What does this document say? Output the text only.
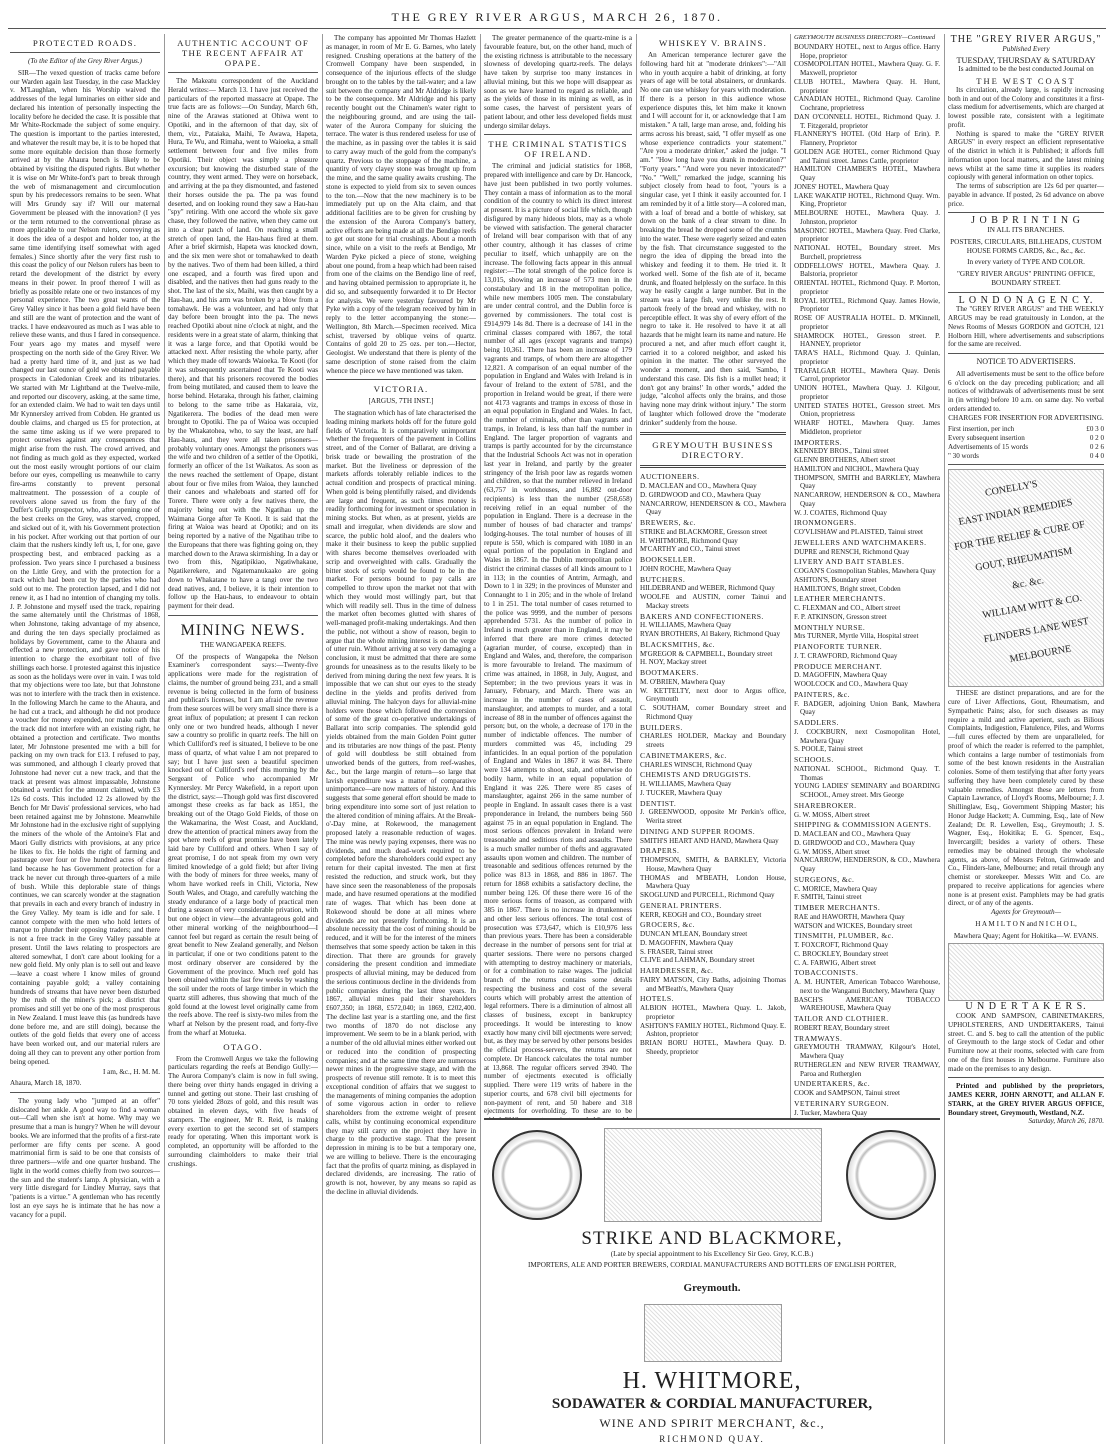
THE GREY RIVER ARGUS, MARCH 26, 1870.
PROTECTED ROADS.
(To the Editor of the Grey River Argus.)

SIR—The vexed question of tracks came before our Warden again last Tuesday, in the case Mackley v. M'Laughlan, when his Worship waived the addresses of the legal luminaries on either side and declared his intention of personally inspecting the locality before he decided the case. It is possible that Mr White-Rockmade the subject of some enquiry. The question is important to the parties interested, and whatever the result may be, it is to be hoped that some more equitable decision than those formerly arrived at by the Ahaura bench is likely to be obtained by visiting the disputed rights. But whether it is wise on Mr White-ford's part to break through the web of mismanagement and circumlocution spun by his predecessors remains to be seen. What will Mrs Grundy say if? Will our maternal Government be pleased with the innovation? (I yes or the term returned to the conventional phrase as more applicable to our Nelson rulers, conveying as it does the idea of a despot and holder too, at the same time identifying itself somewhat with aged females.) Since shortly after the very first rush to this coast the policy of our Nelson rulers has been to retard the development of the district by every means in their power. In proof thereof I will as briefly as possible relate one or two instances of my personal experience. The two great wants of the Grey Valley since it has been a gold field have been and still are the want of protection and the want of tracks. I have endeavoured as much as I was able to relieve these wants, and thus I fared in consequence. Four years ago my mates and myself were prospecting on the north side of the Grey River. We had a pretty hard time of it, and just as we had changed our last ounce of gold we obtained payable prospects in Caledonian Creek and its tributaries. We started with Mr Lightband at the Twelve-mile, and reported our discovery, asking, at the same time, for an extended claim. We had to wait ten days until Mr Kynnersley arrived from Cobden. He granted us double claims, and charged us £5 for protection, at the same time asking us if we were prepared to protect ourselves against any consequences that might arise from the rush. The crowd arrived, and not finding as much gold as they expected, worked out the most easily wrought portions of our claim before our eyes, compelling us meanwhile to carry fire-arms constantly to prevent personal maltreatment. The possession of a couple of revolvers alone saved us from the fury of the Duffer's Gully prospector, who, after opening one of the best creeks on the Grey, was starved, cropped, and sicked out of it, with his Government protection in his pocket. After working out that portion of our claim that the rushers kindly left us, I, for one, gave prospecting best, and embraced packing as a profession. Two years since I purchased a business on the Little Grey, and with the protection for a track which had been cut by the parties who had sold out to me. The protection lapsed, and I did not renew it, as I had no intention of changing my tolls. J. P. Johnstone and myself used the track, repairing the same alternately until the Christmas of 1868, when Johnstone, taking advantage of my absence, and during the ten days specially proclaimed as holidays by Government, came to the Ahaura and effected a new protection, and gave notice of his intention to charge the exorbitant toll of five shillings each horse. I protested against this injustice as soon as the holidays were over in vain. I was told that my objections were too late, but that Johnstone was not to interfere with the track then in existence. In the following March he came to the Ahaura, and he had cut a track, and although he did not produce a voucher for money expended, nor make oath that the track did not interfere with an existing right, he obtained a protection and certificate. Two months later, Mr Johnstone presented me with a bill for packing on my own track for £13. I refused to pay, was summoned, and although I clearly proved that Johnstone had never cut a new track, and that the track at present was almost impassable, Johnstone obtained a verdict for the amount claimed, with £3 12s 6d costs. This included 12 2s allowed by the Bench for Mr Davis' professional services, who had been retained against me by Johnstone. Meanwhile Mr Johnstone had in the exclusive right of supplying the miners of the whole of the Antoine's Flat and Maori Gully districts with provisions, at any price he likes to fix. He holds the right of farming and pasturage over four or five hundred acres of clear land because he has Government protection for a track he never cut through three-quarters of a mile of bush. While this deplorable state of things continues, we can scarcely wonder at the stagnation that prevails in each and every branch of industry in the Grey Valley. My team is idle and for sale. I cannot compete with the men who hold letters of marque to plunder their opposing traders; and there is not a free track in the Grey Valley passable at present. Until the laws relating to prospectors are altered somewhat, I don't care about looking for a new gold field. My only plan is to sell out and leave—leave a coast where I know miles of ground containing payable gold; a valley containing hundreds of streams that have never been disturbed by the rush of the miner's pick; a district that promises and still yet be one of the most prosperous in New Zealand. I must leave this (as hundreds have done before me, and are still doing), because the outlets of the gold fields that every one of access have been worked out, and our material rulers are doing all they can to prevent any other portion from being opened.

I am, &c., H. M. M.
Ahaura, March 18, 1870.

The young lady who "jumped at an offer" dislocated her ankle. A good way to find a woman out—Call when she isn't at home. Why may we presume that a man is hungry? When he will devour books. We are informed that the profits of a first-rate performer are fifty cents per scene. A good matrimonial firm is said to be one that consists of three partners—wife and one quarter husband. The light in the world comes chiefly from two sources—the sun and the student's lamp. A physician, with a very little disregard for Lindley Murray, says that "patients is a virtue." A gentleman who has recently lost an eye says he is intimate that he has now a vacancy for a pupil.

AUTHENTIC ACCOUNT OF THE RECENT AFFAIR AT OPAPE.

The Makeatu correspondent of the Auckland Herald writes:— March 13. I have just received the particulars of the reported massacre at Opape. The true facts are as follows:—On Sunday, March 6th, nine of the Arawas stationed at Ohiwa went to Opotiki, and in the afternoon of that day, six of them, viz., Pataiaka, Maihi, Te Awawa, Hapeta, Hura, Te Wu, and Rimaha, went to Waioeka, a small settlement between four and five miles from Opotiki. Their object was simply a pleasure excursion; but knowing the disturbed state of the country, they went armed. They were on horseback, and arriving at the pa they dismounted, and fastened their horses outside the pa. The pa was found deserted, and on looking round they saw a Hau-hau "spy" retiring. With one accord the whole six gave chase, they followed the native, when they came out into a clear patch of land. On reaching a small stretch of open land, the Hau-haus fired at them. After a brief skirmish, Hapeta was knocked down, and the six men were shot or tomahawked to death by the natives. Two of them had been killed, a third one escaped, and a fourth was fired upon and disabled, and the natives then had guns ready to the shot. The last of the six, Maihi, was then caught by a Hau-hau, and his arm was broken by a blow from a tomahawk. He was a volunteer, and had only that day before been brought into the pa. The news reached Opotiki about nine o'clock at night, and the residents were in a great state of alarm, thinking that it was a large force, and that Opotiki would be attacked next. After resisting the whole party, after which they made off towards Waioeka. Te Kooti (for it was subsequently ascertained that Te Kooti was there), and that his prisoners recovered the bodies from being mutilated, and caused them to leave the horse behind. Hetaraka, through his father, claiming to belong to the same tribe as Hakaraia, viz, Ngatikerera. The bodies of the dead men were brought to Opotiki. The pa of Waioa was occupied by the Whakatohea, who, to say the least, are half Hau-haus, and they were all taken prisoners—probably voluntary ones. Amongst the prisoners was the wife and two children of a settler of the Opotiki, formerly an officer of the 1st Waikatos. As soon as the news reached the settlement of Opape, distant about four or five miles from Waioa, they launched their canoes and whaleboats and started off for Torere. There were only a few natives there, the majority being out with the Ngatihau up the Waimana Gorge after Te Kooti. It is said that the firing at Waioa was heard at Opotiki; and on its being reported by a native of the Ngatihau tribe to the Europeans that there was fighting going on, they marched down to the Arawa skirmishing. In a day or two from this, Ngatipikiao, Ngatiwhakaue, Ngatikerekere, and Ngatemanukaako are going down to Whakatane to have a tangi over the two dead natives, and, I believe, it is their intention to follow up the Hau-haus, to endeavour to obtain payment for their dead.

MINING NEWS.
THE WANGAPEKA REEFS.

Of the prospects of Wangapeka the Nelson Examiner's correspondent says:—Twenty-five applications were made for the registration of claims, the number of ground being 231, and a small revenue is being collected in the form of business and publican's licenses, but I am afraid the revenue from these sources will be very small since there is a great influx of population; at present I can reckon only one or two hundred heads, although I never saw a country so prolific in quartz reefs. The hill on which Culliford's reef is situated, I believe to be one mass of quartz, of what value I am not prepared to say; but I have just seen a beautiful specimen knocked out of Culliford's reef this morning by the Sergeant of Police who accompanied Mr Kynnersley. Mr Percy Wakefield, in a report upon the district, says:—Though gold was first discovered amongst these creeks as far back as 1851, the breaking out of the Otago Gold Fields, of those on the Wakamarina, the West Coast, and Auckland, drew the attention of practical miners away from the spot where reefs of great promise have been lately laid bare by Culliford and others. When I say of great promise, I do not speak from my own very limited knowledge of a gold field; but after living with the body of miners for three weeks, many of whom have worked reefs in Chili, Victoria, New South Wales, and Otago, and carefully watching the steady endurance of a large body of practical men during a season of very considerable privation, with but one object in view—the advantageous gold and other mineral working of the neighbourhood—I cannot feel but regard as certain the result being of great benefit to New Zealand generally, and Nelson in particular, if one or two conditions patent to the most ordinary observer are considered by the Government of the province. Much reef gold has been obtained within the last few weeks by washing the soil under the roots of large timber in which the quartz still adheres, thus showing that much of the gold found at the lowest level originally came from the reefs above. The reef is sixty-two miles from the wharf at Nelson by the present road, and forty-five from the wharf at Motueka.

OTAGO.

From the Cromwell Argus we take the following particulars regarding the reefs at Bendigo Gully:—The Aurora Company's claim is now in full swing, there being over thirty hands engaged in driving a tunnel and getting out stone. Their last crushing of 70 tons yielded 28ozs of gold, and this result was obtained in eleven days, with five heads of stampers. The engineer, Mr R. Reid, is making every exertion to get the second set of stampers ready for operating. When this important work is completed, an opportunity will be afforded to the surrounding claimholders to make their trial crushings.

The company has appointed Mr Thomas Hazlett as manager, in room of Mr E. G. Barnes, who lately resigned. Crushing operations at the battery of the Cromwell Company have been suspended, in consequence of the injurious effects of the sludge brought on to the tables by the tail-water; and a law suit between the company and Mr Aldridge is likely to be the consequence. Mr Aldridge and his party recently bought out the Chinamen's water right to the neighbouring ground, and are using the tail-water of the Aurora Company for sluicing the terrace. The water is thus rendered useless for use of the machine, as in passing over the tables it is said to carry away much of the gold from the company's quartz. Previous to the stoppage of the machine, a quantity of very clayey stone was brought up from the mine, and the same quality awaits crushing. The stone is expected to yield from six to seven ounces to the ton.—Now that the new machinery is to be immediately put up on the Alta claim, and that additional facilities are to be given for crushing by the extension of the Aurora Company's battery, active efforts are being made at all the Bendigo reefs to get out stone for trial crushings. About a month since, while on a visit to the reefs at Bendigo, Mr Warden Pyke picked a piece of stone, weighing about one pound, from a heap which had been raised from one of the claims on the Bendigo line of reef, and having obtained permission to appropriate it, he did so, and subsequently forwarded it to Dr Hector for analysis. We were yesterday favoured by Mr Pyke with a copy of the telegram received by him in reply to the letter accompanying the stone:—Wellington, 8th March.—Specimen received. Mica schist, traversed by oblique veins of quartz. Contains of gold 20 to 25 ozs. per ton.—Hector, Geologist. We understand that there is plenty of the same description of stone raised from the claim whence the piece we have mentioned was taken.

VICTORIA.
[ARGUS, 7TH INST.]

The stagnation which has of late characterised the leading mining markets holds off for the future gold fields of Victoria. It is comparatively unimportant whether the frequenters of the pavement in Collins street, and of the Corner of Ballarat, are driving a brisk trade or bewailing the prostration of the market. But the liveliness or depression of the markets affords tolerably reliable indices to the actual condition and prospects of practical mining. When gold is being plentifully raised, and dividends are large and frequent, as such times money is readily forthcoming for investment or speculation in mining stocks. But when, as at present, yields are small and irregular, when dividends are slow and scarce, the public hold aloof, and the dealers who make it their business to keep the public supplied with shares become themselves overloaded with scrip and overweighted with calls. Gradually the bitter stock of scrip would be found to be in the market. For persons bound to pay calls are compelled to throw upon the market not that with which they would most willingly part, but that which will readily sell. Thus in the time of dulness the market often becomes glutted with shares of well-managed profit-making undertakings. And then the public, not without a show of reason, begin to argue that the whole mining interest is on the verge of utter ruin. Without arriving at so very damaging a conclusion, it must be admitted that there are some grounds for uneasiness as to the results likely to be derived from mining during the next few years. It is impossible that we can shut our eyes to the steady decline in the yields and profits derived from alluvial mining. The halcyon days for alluvial-mine holders were those which followed the conversion of some of the great co-operative undertakings of Ballarat into scrip companies. The splendid gold yields obtained from the main Golden Point gutter and its tributaries are now things of the past. Plenty of gold will doubtless be still obtained from unworked bends of the gutters, from reef-washes, &c., but the large margin of return—so large that lavish expenditure was a matter of comparative unimportance—are now matters of history. And this suggests that some general effort should be made to bring expenditure into some sort of just relation to the altered condition of mining affairs. At the Break-o'-Day mine, at Rokewood, the management proposed lately a reasonable reduction of wages. The mine was newly paying expenses, there was no dividends, and much dead-work required to be completed before the shareholders could expect any return for their capital invested. The men at first resisted the reduction, and struck work, but they have since seen the reasonableness of the proposals made, and have resumed operations at the modified rate of wages. That which has been done at Rokewood should be done at all mines where dividends are not presently forthcoming. It is an absolute necessity that the cost of mining should be reduced, and it will be for the interest of the miners themselves that some speedy action be taken in this direction. That there are grounds for gravely considering the present condition and immediate prospects of alluvial mining, may be deduced from the serious continuous decline in the dividends from public companies during the last three years. In 1867, alluvial mines paid their shareholders £607,350; in 1868, £572,040; in 1869, £202,400. The decline last year is a startling one, and the first two months of 1870 do not disclose any improvement. We seem to be in a blank period, with a number of the old alluvial mines either worked out or reduced into the condition of prospecting companies; and at the same time there are numerous newer mines in the progressive stage, and with the prospects of revenue still remote. It is to meet this exceptional condition of affairs that we suggest to the managements of mining companies the adoption of some vigorous action in order to relieve shareholders from the extreme weight of present calls, whilst by continuing economical expenditure they may still carry on the project they have in charge to the productive stage. That the present depression in mining is to be but a temporary one, we are willing to believe. There is the encouraging fact that the profits of quartz mining, as displayed in declared dividends, are increasing. The ratio of growth is not, however, by any means so rapid as the decline in alluvial dividends.

The greater permanence of the quartz-mine is a favourable feature, but, on the other hand, much of the existing richness is attributable to the necessary slowness of developing quartz-reefs. The delays have taken by surprise too many instances in alluvial mining, but this we hope will disappear as soon as we have learned to regard as reliable, and as the yields of those in its mining as well, as in some cases, the harvest of persistent years of patient labour, and other less developed fields must undergo similar delays.

THE CRIMINAL STATISTICS OF IRELAND.

The criminal and judicial statistics for 1868, prepared with intelligence and care by Dr. Hancock, have just been published in two portly volumes. They contain a mass of information as to the moral condition of the country to which its direct interest at present. It is a picture of social life which, though disfigured by many hideous blots, may as a whole be viewed with satisfaction. The general character of Ireland will bear comparison with that of any other country, although it has classes of crime peculiar to itself, which unhappily are on the increase. The following facts appear in this annual register:—The total strength of the police force is 13,015, showing an increase of 573 men in the constabulary and 18 in the metropolitan police, while new members 1005 men. The constabulary are under central control, and the Dublin force is governed by commissioners. The total cost is £914,979 14s 8d. There is a decrease of 141 in the criminal classes compared with 1867, the total number of all ages (except vagrants and tramps) being 10,361. There has been an increase of 179 vagrants and tramps, of whom there are altogether 12,821. A comparison of an equal number of the population in England and Wales with Ireland is in favour of Ireland to the extent of 5781, and the proportion in Ireland would be great, if there were not 4173 vagrants and tramps in excess of those in an equal population in England and Wales. In fact, the number of criminals, other than vagrants and tramps, in Ireland, is less than half the number in England. The larger proportion of vagrants and tramps is partly accounted for by the circumstance that the Industrial Schools Act was not in operation last year in Ireland, and partly by the greater stringency of the Irish poor law as regards women and children, so that the number relieved in Ireland (63,757 in workhouses, and 16,882 out-door recipients) is less than the number (258,658) receiving relief in an equal number of the population in England. There is a decrease in the number of houses of bad character and tramps' lodging-houses. The total number of houses of ill repute is 550, which is compared with 1080 in an equal portion of the population in England and Wales in 1867. In the Dublin metropolitan police district the criminal classes of all kinds amount to 1 in 113; in the counties of Antrim, Armagh, and Down to 1 in 329; in the provinces of Munster and Connaught to 1 in 205; and in the whole of Ireland to 1 in 251. The total number of cases returned to the police was 9999, and the number of persons apprehended 5731. As the number of police in Ireland is much greater than in England, it may be inferred that there are more crimes detected (agrarian murder, of course, excepted) than in England and Wales, and, therefore, the comparison is more favourable to Ireland. The maximum of crime was attained, in 1868, in July, August, and September; in the two previous years it was in January, February, and March. There was an increase in the number of cases of assault, manslaughter, and attempts to murder, and a total increase of 88 in the number of offences against the person; but, on the whole, a decrease of 170 in the number of indictable offences. The number of murders committed was 45, including 29 infanticides. In an equal portion of the population of England and Wales in 1867 it was 84. There were 134 attempts to shoot, stab, and otherwise do bodily harm, while in an equal population of England it was 226. There were 85 cases of manslaughter, against 266 in the same number of people in England. In assault cases there is a vast preponderance in Ireland, the numbers being 560 against 75 in an equal population in England. The most serious offences prevalent in Ireland were treasonable and seditious riots and assaults. There is a much smaller number of thefts and aggravated assaults upon women and children. The number of treasonable and seditious offences returned by the police was 813 in 1868, and 886 in 1867. The return for 1868 exhibits a satisfactory decline, the number being 126. Of these there were 16 of the more serious forms of treason, as compared with 385 in 1867. There is no increase in drunkenness and other less serious offences. The total cost of prosecution was £73,647, which is £10,976 less than previous years. There has been a considerable decrease in the number of persons sent for trial at quarter sessions. There were no persons charged with attempting to destroy machinery or materials, or for a combination to raise wages. The judicial branch of the returns contains some details respecting the business and cost of the several courts which will probably arrest the attention of legal reformers. There is a diminution of almost all classes of business, except in bankruptcy proceedings. It would be interesting to know exactly how many civil bill ejectments were served; but, as they may be served by other persons besides the official process-servers, the returns are not complete. Dr Hancock calculates the total number at 13,868. The regular officers served 3940. The number of ejectments executed is officially supplied. There were 119 writs of habere in the superior courts, and 678 civil bill ejectments for non-payment of rent, and 50 habere and 318 ejectments for overholding. To these are to be

WHISKEY V. BRAINS.

An American temperance lecturer gave the following hard hit at "moderate drinkers":—"All who in youth acquire a habit of drinking, at forty years of age will be total abstainers, or drunkards. No one can use whiskey for years with moderation. If there is a person in this audience whose experience disputes this, let him make it known and I will account for it, or acknowledge that I am mistaken." A tall, large man arose, and, folding his arms across his breast, said, "I offer myself as one whose experience contradicts your statement." "Are you a moderate drinker," asked the judge. "I am." "How long have you drank in moderation?" "Forty years." "And were you never intoxicated?" "No." "Well," remarked the judge, scanning his subject closely from head to foot, "yours is a singular case, yet I think it easily accounted for. I am reminded by it of a little story—A colored man, with a loaf of bread and a bottle of whiskey, sat down on the bank of a clear stream to dine. In breaking the bread he dropped some of the crumbs into the water. These were eagerly seized and eaten by the fish. That circumstance suggested to the negro the idea of dipping the bread into the whiskey and feeding it to them. He tried it. It worked well. Some of the fish ate of it, became drunk, and floated helplessly on the surface. In this way he easily caught a large number. But in the stream was a large fish, very unlike the rest. It partook freely of the bread and whiskey, with no perceptible effect. It was shy of every effort of the negro to take it. He resolved to have it at all hazards that he might learn its name and nature. He procured a net, and after much effort caught it, carried it to a colored neighbor, and asked his opinion in the matter. The other surveyed the wonder a moment, and then said, 'Sambo, I understand this case. Dis fish is a mullet head; it don't got any brains!' In other words," added the judge, "alcohol affects only the brains, and those having none may drink without injury." The storm of laughter which followed drove the "moderate drinker" suddenly from the house.

GREYMOUTH BUSINESS DIRECTORY.
AUCTIONEERS.

D. MACLEAN and CO., Mawhera Quay

D. GIRDWOOD and CO., Mawhera Quay

NANCARROW, HENDERSON & CO., Mawhera Quay

BREWERS, &c.

STRIKE and BLACKMORE, Gresson street

H. WHITMORE, Richmond Quay

M'CARTHY and CO., Tainui street

BOOKSELLER.

JOHN ROCHE, Mawhera Quay

BUTCHERS.

HILDEBRAND and WEBER, Richmond Quay

WOOLFE and AUSTIN, corner Tainui and Mackay streets

BAKERS AND CONFECTIONERS.

H. WILLIAMS, Mawhera Quay

RYAN BROTHERS, Al Bakery, Richmond Quay

BLACKSMITHS, &c.

M'GREGOR & CAPMBELL, Boundary street

H. NOY, Mackay street

BOOTMAKERS.

M. O'BRIEN, Mawhera Quay

W. KETTELTY, next door to Argus office, Greymouth

C. SOUTHAM, corner Boundary street and Richmond Quay

BUILDERS.

CHARLES HOLDER, Mackay and Boundary streets

CABINETMAKERS, &c.

CHARLES WINSCH, Richmond Quay

CHEMISTS AND DRUGGISTS.

H. WILLIAMS, Mawhera Quay

J. TUCKER, Mawhera Quay

DENTIST.

J. GREENWOOD, opposite Mr Perkin's office, Werita street

DINING AND SUPPER ROOMS.

SMITH'S HEART AND HAND, Mawhera Quay

DRAPERS.

THOMPSON, SMITH, & BARKLEY, Victoria House, Mawhera Quay

THOMAS and M'BEATH, London House, Mawhera Quay

SKOGLUND and PURCELL, Richmond Quay

GENERAL PRINTERS.

KERR, KEOGH and CO., Boundary street

GROCERS, &c.

DUNCAN M'LEAN, Boundary street

D. MAGOFFIN, Mawhera Quay

S. FRASER, Tainui street

CLIVE and LAHMAN, Boundary street

HAIRDRESSER, &c.

FAIRY MATSON, City Baths, adjoining Thomas and M'Beath's, Mawhera Quay

HOTELS.

ALBION HOTEL, Mawhera Quay. L. Jakob, proprietor

ASHTON'S FAMILY HOTEL, Richmond Quay. E. Ashton, proprietor

BRIAN BORU HOTEL, Mawhera Quay. D. Sheedy, proprietor

GREYMOUTH BUSINESS DIRECTORY—Continued

BOUNDARY HOTEL, next to Argus office. Harry Hope, proprietor

COSMOPOLITAN HOTEL, Mawhera Quay. G. F. Maxwell, proprietor

CLUB HOTEL, Mawhera Quay. H. Hunt, proprietor

CANADIAN HOTEL, Richmond Quay. Caroline Cochrane, proprietress

DAN O'CONNELL HOTEL, Richmond Quay. J. T. Fitzgerald, proprietor

FLANNERY'S HOTEL (Old Harp of Erin). P. Flannery, Proprietor

GOLDEN AGE HOTEL, corner Richmond Quay and Tainui street. James Cattle, proprietor

HAMILTON CHAMBER'S HOTEL, Mawhera Quay

JONES' HOTEL, Mawhera Quay

LAKE WAKATIP HOTEL, Richmond Quay. Wm. King, Proprietor

MELBOURNE HOTEL, Mawhera Quay. J. Johnston, proprietor

MASONIC HOTEL, Mawhera Quay. Fred Clarke, proprietor

NATIONAL HOTEL, Boundary street. Mrs Burchell, proprietress

ODDFELLOWS' HOTEL, Mawhera Quay. J. Balstoria, proprietor

ORIENTAL HOTEL, Richmond Quay. P. Morton, proprietor

ROYAL HOTEL, Richmond Quay. James Howie, Proprietor

ROSE OF AUSTRALIA HOTEL. D. M'Kinnell, proprietor

SHAMROCK HOTEL, Gresson street. P. HANNEY, proprietor

TARA'S HALL, Richmond Quay. J. Quinlan, proprietor

TRAFALGAR HOTEL, Mawhera Quay. Denis Carrol, proprietor

UNION HOTEL, Mawhera Quay. J. Kilgour, proprietor

UNITED STATES HOTEL, Gresson street. Mrs Onion, proprietress

WHARF HOTEL, Mawhera Quay. James Middleton, proprietor

IMPORTERS.

KENNEDY BROS., Tainui street

GLENN BROTHERS, Albert street

HAMILTON and NICHOL, Mawhera Quay

THOMPSON, SMITH and BARKLEY, Mawhera Quay

NANCARROW, HENDERSON & CO., Mawhera Quay

W. J. COATES, Richmond Quay

IRONMONGERS.

CO'VLISHAW and PLAISTED, Tainui street

JEWELLERS AND WATCHMAKERS.

DUPRE and RENSCH, Richmond Quay

LIVERY AND BAIT STABLES.

COGAN'S Cosmopolitan Stables, Mawhera Quay

ASHTON'S, Boundary street

HAMILTON'S, Bright street, Cobden

LEATHER MERCHANTS.

C. FLEXMAN and CO., Albert street

F. P. ATKINSON, Gresson street

MONTHLY NURSE.

Mrs TURNER, Myrtle Villa, Hospital street

PIANOFORTE TURNER.

J. T. CRAWFORD, Richmond Quay

PRODUCE MERCHANT.

D. MAGOFFIN, Mawhera Quay

WOOLCOCK and CO., Mawhera Quay

PAINTERS, &c.

F. BADGER, adjoining Union Bank, Mawhera Quay

SADDLERS.

J. COCKBURN, next Cosmopolitan Hotel, Mawhera Quay

S. POOLE, Tainui street

SCHOOLS.

NATIONAL SCHOOL, Richmond Quay. T. Thomas

YOUNG LADIES' SEMINARY and BOARDING SCHOOL, Arney street. Mrs George

SHAREBROKER.

G. W. MOSS, Albert street

SHIPPING & COMMISSION AGENTS.

D. MACLEAN and CO., Mawhera Quay

D. GIRDWOOD and CO., Mawhera Quay

G. W. MOSS, Albert street

NANCARROW, HENDERSON, & CO., Mawhera Quay

SURGEONS, &c.

C. MORICE, Mawhera Quay

F. SMITH, Tainui street

TIMBER MERCHANTS.

RAE and HAWORTH, Mawhera Quay

WATSON and WICKES, Boundary street

TINSMITH, PLUMBER, &c.

T. FOXCROFT, Richmond Quay

C. BROCKLEY, Boundary street

C. A. FARWIG, Albert street

TOBACCONISTS.

A. M. HUNTER, American Tobacco Warehouse, next to the Wanganui Butchery, Mawhera Quay

BASCH'S AMERICAN TOBACCO WAREHOUSE, Mawhera Quay

TAILOR AND CLOTHIER.

ROBERT REAY, Boundary street

TRAMWAYS.

GREYMOUTH TRAMWAY, Kilgour's Hotel, Mawhera Quay

RUTHERGLEN and NEW RIVER TRAMWAY, Paroa and Rutherglen

UNDERTAKERS, &c.

COOK and SAMPSON, Tainui street

VETERINARY SURGEON.

J. Tucker, Mawhera Quay

STRIKE AND BLACKMORE,
(Late by special appointment to his Excellency Sir Geo. Grey, K.C.B.)
IMPORTERS, ALE AND PORTER BREWERS, CORDIAL MANUFACTURERS AND BOTTLERS OF ENGLISH PORTER,
Greymouth.
H. WHITMORE,
SODAWATER & CORDIAL MANUFACTURER,
WINE AND SPIRIT MERCHANT, &c.,
RICHMOND QUAY.
THE "GREY RIVER ARGUS,"
Published Every
TUESDAY, THURSDAY & SATURDAY
Is admitted to be the best conducted Journal on
THE WEST COAST

Its circulation, already large, is rapidly increasing both in and out of the Colony and constitutes it a first-class medium for advertisements, which are charged at lowest possible rate, consistent with a legitimate profit.

Nothing is spared to make the "GREY RIVER ARGUS" in every respect an efficient representative of the district in which it is Published; it affords full information upon local matters, and the latest mining news whilst at the same time it supplies its readers copiously with general information on other topics.

The terms of subscription are 12s 6d per quarter—payable in advance. If posted, 2s 6d advance on above price.

J O B P R I N T I N G
IN ALL ITS BRANCHES.
POSTERS, CIRCULARS, BILLHEADS, CUSTOM HOUSE FORMS CARDS, &c., &c., &c.
In every variety of TYPE AND COLOR.
"GREY RIVER ARGUS" PRINTING OFFICE, BOUNDARY STREET.
L O N D O N A G E N C Y.

The "GREY RIVER ARGUS" and THE WEEKLY ARGUS may be read gratuitously in London, at the News Rooms of Messrs GORDON and GOTCH, 121 Holborn Hill, where advertisements and subscriptions for the same are received.

NOTICE TO ADVERTISERS.

All advertisements must be sent to the office before 6 o'clock on the day preceding publication; and all notices of withdrawals of advertisements must be sent in (in writing) before 10 a.m. on same day. No verbal orders attended to.

CHARGES FOR INSERTION FOR ADVERTISING.
First insertion, per inch	£0 3 0
Every subsequent insertion	0 2 0
Advertisements of 15 words	0 2 6
" 30 words	0 4 0
CONELLY'S
EAST INDIAN REMEDIES
FOR THE RELIEF & CURE OF
GOUT, RHEUMATISM
&c. &c.
WILLIAM WITT & CO.
FLINDERS LANE WEST
MELBOURNE

THESE are distinct preparations, and are for the cure of Liver Affections, Gout, Rheumatism, and Sympathetic Pains; also, for such diseases as may require a mild and active aperient, such as Bilious Complaints, Indigestion, Flatulence, Piles, and Worms—full cures effected by them are unparalleled, for proof of which the reader is referred to the pamphlet, which contains a large number of testimonials from some of the best known residents in the Australian colonies. Some of them testifying that after forty years suffering they have been completely cured by these valuable remedies. Amongst these are letters from Captain Lawrance, of Lloyd's Rooms, Melbourne; J. J. Shillinglaw, Esq., Government Shipping Master; his Honor Judge Hackett; A. Cumming, Esq., late of New Zealand; Dr. R. Lewellen, Esq., Greymouth; J. S. Wagner, Esq., Hokitika; E. G. Spencer, Esq., Invercargill; besides a variety of others. These remedies may be obtained through the wholesale agents, as above, of Messrs Felton, Grimwade and Co., Flinders-lane, Melbourne; and retail through any chemist or storekeeper. Messrs Witt and Co. are prepared to receive applications for agencies where none is at present exist. Pamphlets may be had gratis direct, or of any of the agents.

Agents for Greymouth—
H A M I L T O N and N I C H O L,
Mawhera Quay; Agent for Hokitika—W. EVANS.
U N D E R T A K E R S.

COOK AND SAMPSON, CABINETMAKERS, UPHOLSTERERS, AND UNDERTAKERS, Tainui street. C. and S. beg to call the attention of the public of Greymouth to the large stock of Cedar and other Furniture now at their rooms, selected with care from one of the first houses in Melbourne. Furniture also made on the premises to any design.

Printed and published by the proprietors, JAMES KERR, JOHN ARNOTT, and ALLAN F. STARK, at the GREY RIVER ARGUS OFFICE, Boundary street, Greymouth, Westland, N.Z.

Saturday, March 26, 1870.
